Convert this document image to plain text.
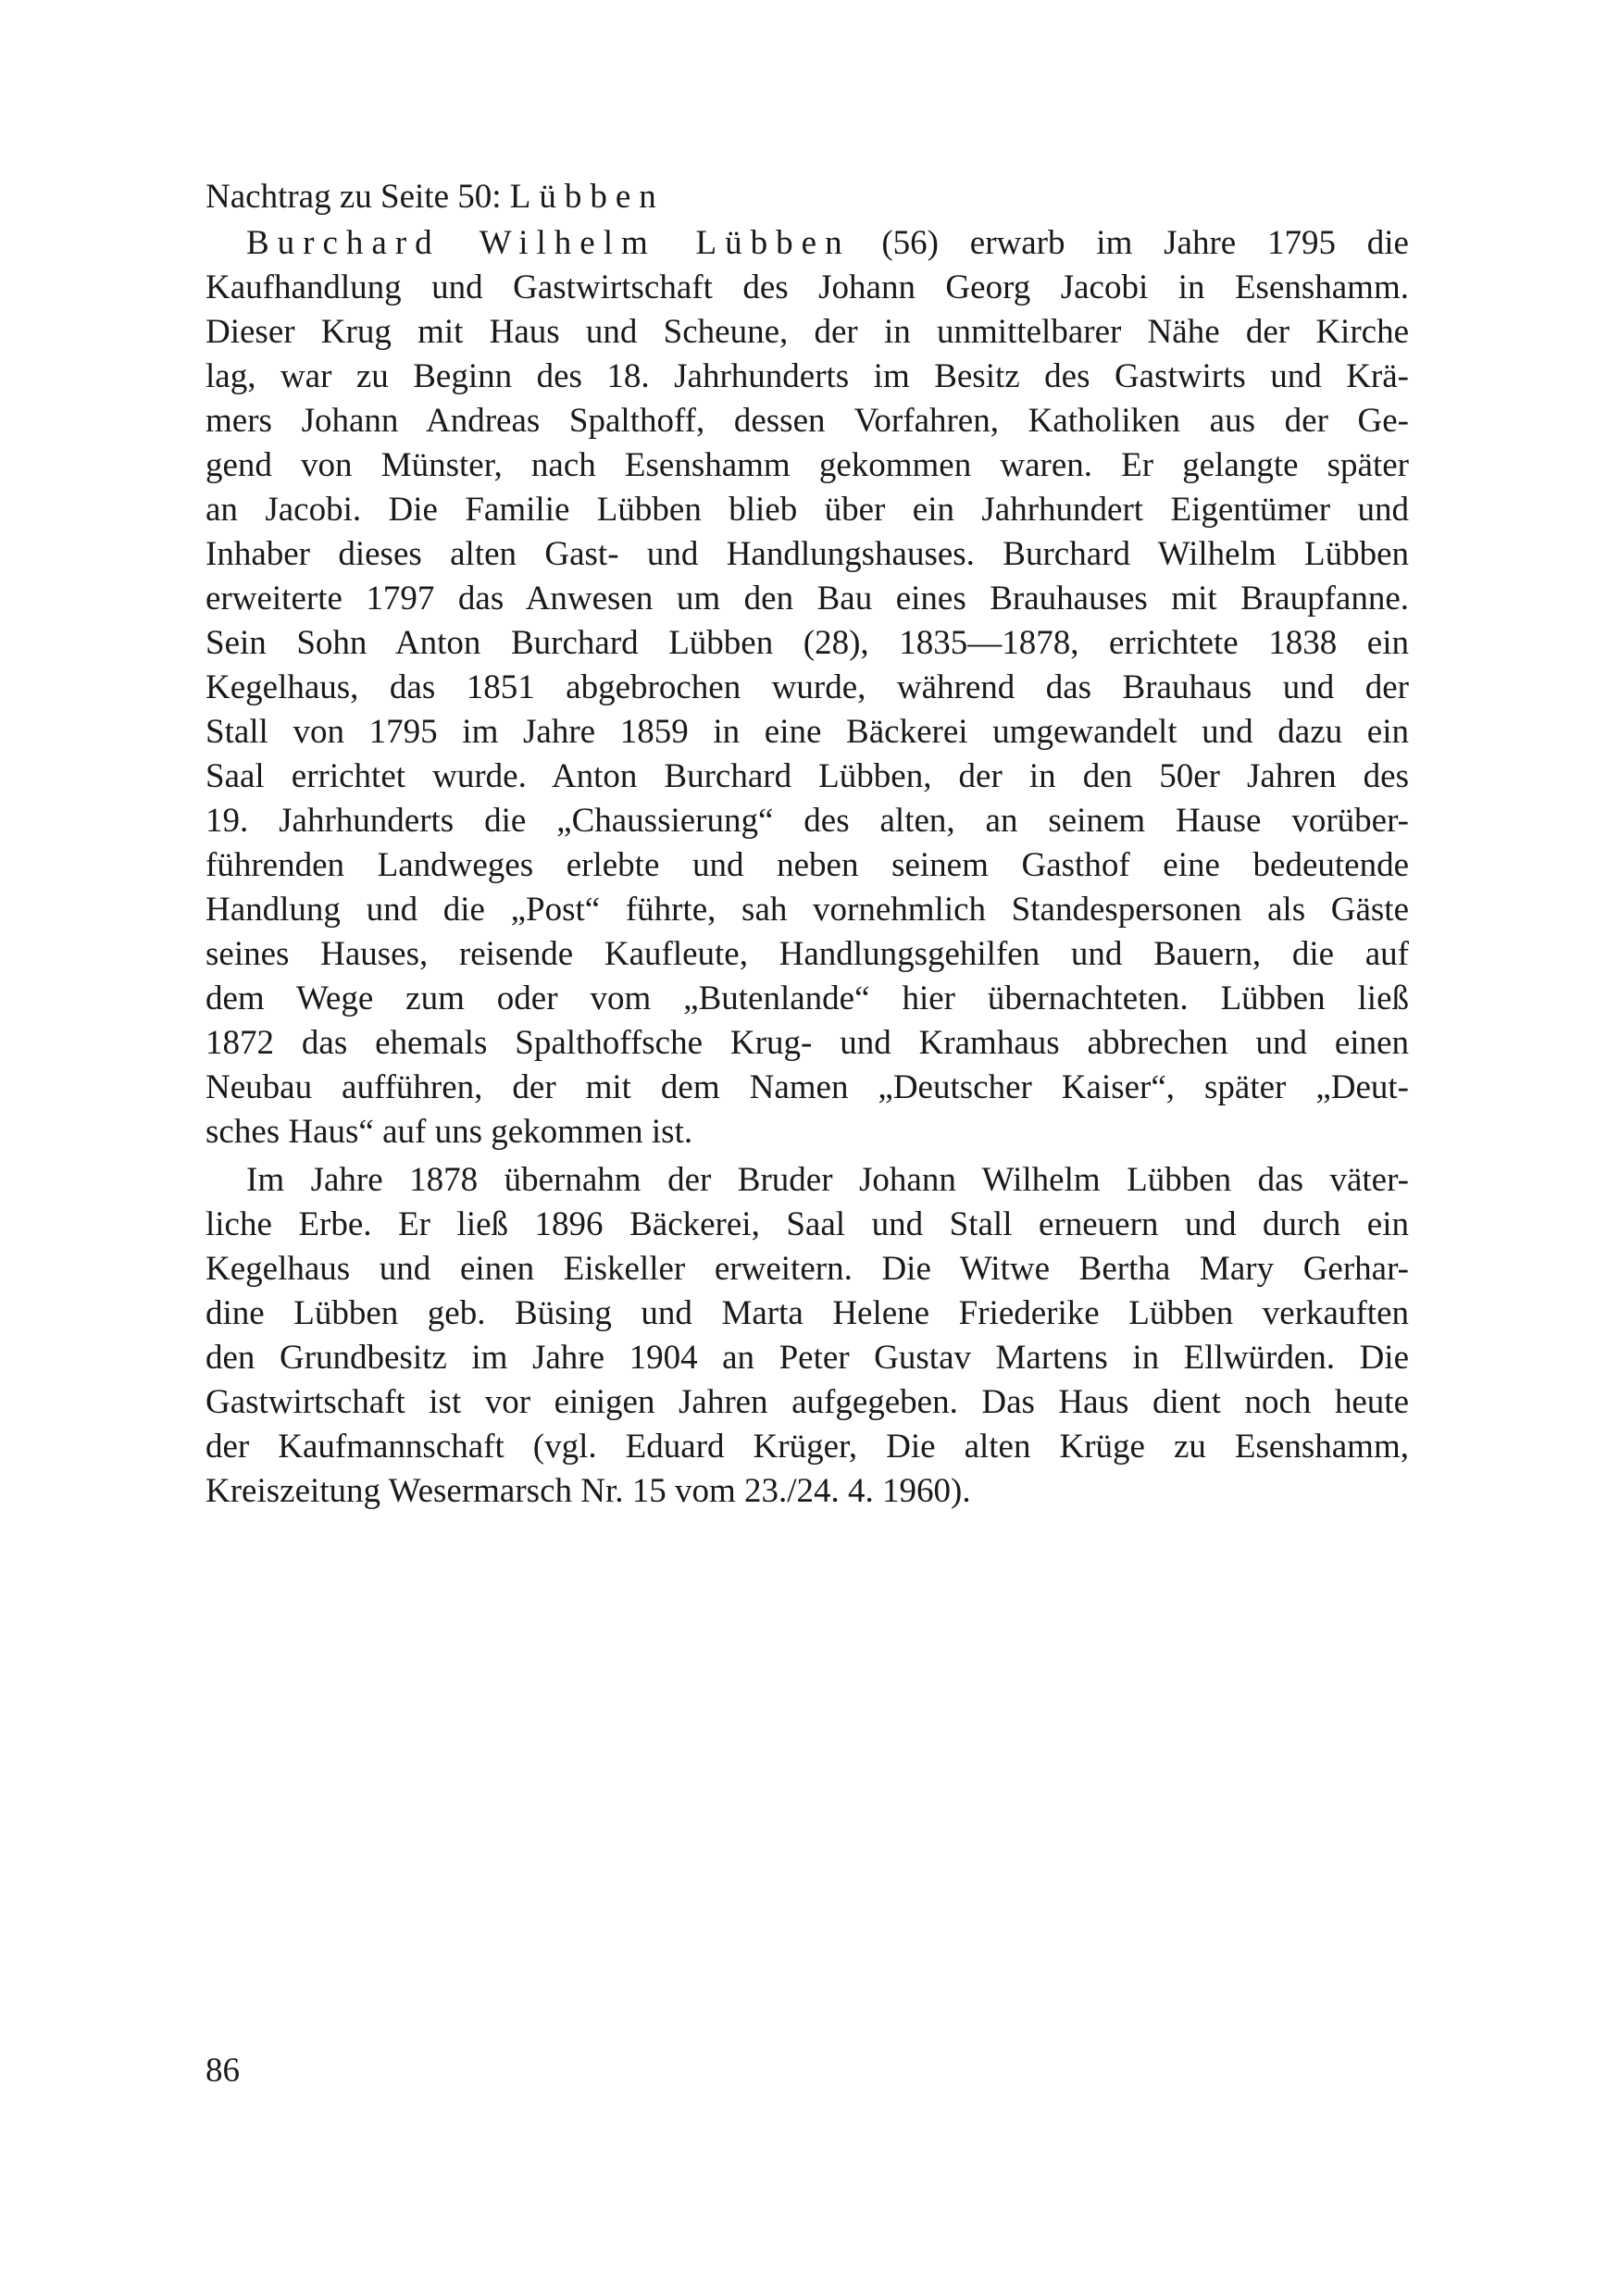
Nachtrag zu Seite 50: Lübben
Burchard Wilhelm Lübben (56) erwarb im Jahre 1795 die
Kaufhandlung und Gastwirtschaft des Johann Georg Jacobi in Esenshamm.
Dieser Krug mit Haus und Scheune, der in unmittelbarer Nähe der Kirche
lag, war zu Beginn des 18. Jahrhunderts im Besitz des Gastwirts und Krä-
mers Johann Andreas Spalthoff, dessen Vorfahren, Katholiken aus der Ge-
gend von Münster, nach Esenshamm gekommen waren. Er gelangte später
an Jacobi. Die Familie Lübben blieb über ein Jahrhundert Eigentümer und
Inhaber dieses alten Gast- und Handlungshauses. Burchard Wilhelm Lübben
erweiterte 1797 das Anwesen um den Bau eines Brauhauses mit Braupfanne.
Sein Sohn Anton Burchard Lübben (28), 1835—1878, errichtete 1838 ein
Kegelhaus, das 1851 abgebrochen wurde, während das Brauhaus und der
Stall von 1795 im Jahre 1859 in eine Bäckerei umgewandelt und dazu ein
Saal errichtet wurde. Anton Burchard Lübben, der in den 50er Jahren des
19. Jahrhunderts die „Chaussierung“ des alten, an seinem Hause vorüber-
führenden Landweges erlebte und neben seinem Gasthof eine bedeutende
Handlung und die „Post“ führte, sah vornehmlich Standespersonen als Gäste
seines Hauses, reisende Kaufleute, Handlungsgehilfen und Bauern, die auf
dem Wege zum oder vom „Butenlande“ hier übernachteten. Lübben ließ
1872 das ehemals Spalthoffsche Krug- und Kramhaus abbrechen und einen
Neubau aufführen, der mit dem Namen „Deutscher Kaiser“, später „Deut-
sches Haus“ auf uns gekommen ist.
Im Jahre 1878 übernahm der Bruder Johann Wilhelm Lübben das väter-
liche Erbe. Er ließ 1896 Bäckerei, Saal und Stall erneuern und durch ein
Kegelhaus und einen Eiskeller erweitern. Die Witwe Bertha Mary Gerhar-
dine Lübben geb. Büsing und Marta Helene Friederike Lübben verkauften
den Grundbesitz im Jahre 1904 an Peter Gustav Martens in Ellwürden. Die
Gastwirtschaft ist vor einigen Jahren aufgegeben. Das Haus dient noch heute
der Kaufmannschaft (vgl. Eduard Krüger, Die alten Krüge zu Esenshamm,
Kreiszeitung Wesermarsch Nr. 15 vom 23./24. 4. 1960).
86
